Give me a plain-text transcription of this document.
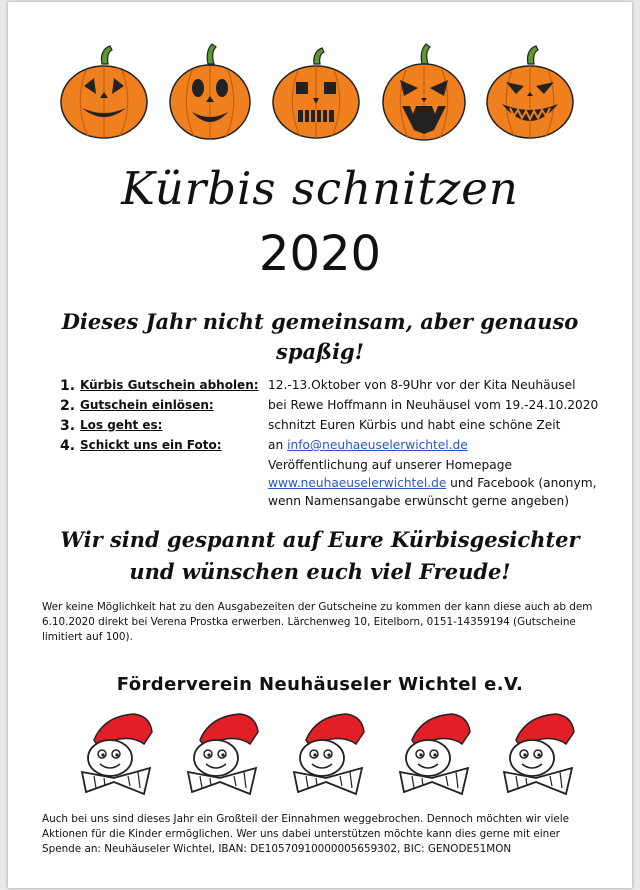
Kürbis schnitzen
2020
Dieses Jahr nicht gemeinsam, aber genauso spaßig!
1. Kürbis Gutschein abholen: 12.-13.Oktober von 8-9Uhr vor der Kita Neuhäusel
2. Gutschein einlösen:	bei Rewe Hoffmann in Neuhäusel vom 19.-24.10.2020
3. Los geht es:	schnitzt Euren Kürbis und habt eine schöne Zeit
4. Schickt uns ein Foto:	an info@neuhaeuselerwichtel.de
Veröffentlichung auf unserer Homepage
www.neuhaeuselerwichtel.de und Facebook (anonym,
wenn Namensangabe erwünscht gerne angeben)
Wir sind gespannt auf Eure Kürbisgesichter
und wünschen euch viel Freude!
Wer keine Möglichkeit hat zu den Ausgabezeiten der Gutscheine zu kommen der kann diese auch ab dem 6.10.2020 direkt bei Verena Prostka erwerben. Lärchenweg 10, Eitelborn, 0151-14359194 (Gutscheine limitiert auf 100).
Förderverein Neuhäuseler Wichtel e.V.
Auch bei uns sind dieses Jahr ein Großteil der Einnahmen weggebrochen. Dennoch möchten wir viele Aktionen für die Kinder ermöglichen. Wer uns dabei unterstützen möchte kann dies gerne mit einer Spende an: Neuhäuseler Wichtel, IBAN: DE10570910000005659302, BIC: GENODE51MON
